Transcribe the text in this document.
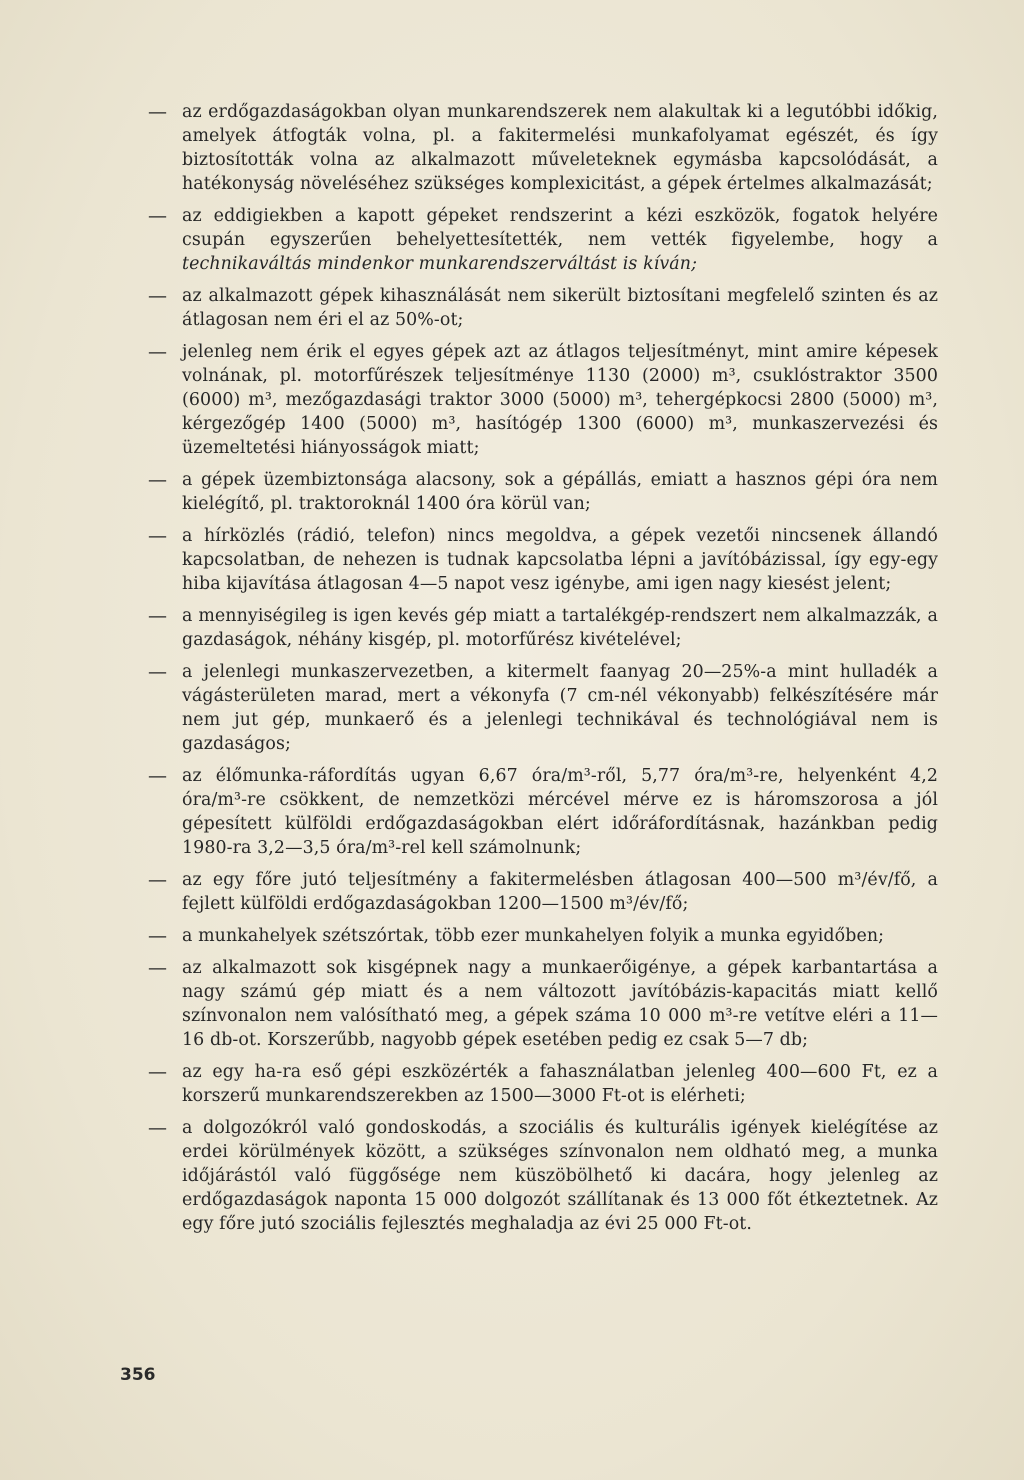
— az erdőgazdaságokban olyan munkarendszerek nem alakultak ki a legutóbbi időkig, amelyek átfogták volna, pl. a fakitermelési munkafolyamat egészét, és így biztosították volna az alkalmazott műveleteknek egymásba kapcsolódását, a hatékonyság növeléséhez szükséges komplexicitást, a gépek értelmes alkalmazását;
— az eddigiekben a kapott gépeket rendszerint a kézi eszközök, fogatok helyére csupán egyszerűen behelyettesítették, nem vették figyelembe, hogy a technikaváltás mindenkor munkarendszerváltást is kíván;
— az alkalmazott gépek kihasználását nem sikerült biztosítani megfelelő szinten és az átlagosan nem éri el az 50%-ot;
— jelenleg nem érik el egyes gépek azt az átlagos teljesítményt, mint amire képesek volnának, pl. motorfűrészek teljesítménye 1130 (2000) m³, csuklóstraktor 3500 (6000) m³, mezőgazdasági traktor 3000 (5000) m³, tehergépkocsi 2800 (5000) m³, kérgezőgép 1400 (5000) m³, hasítógép 1300 (6000) m³, munkaszervezési és üzemeltetési hiányosságok miatt;
— a gépek üzembiztonsága alacsony, sok a gépállás, emiatt a hasznos gépi óra nem kielégítő, pl. traktoroknál 1400 óra körül van;
— a hírközlés (rádió, telefon) nincs megoldva, a gépek vezetői nincsenek állandó kapcsolatban, de nehezen is tudnak kapcsolatba lépni a javítóbázissal, így egy-egy hiba kijavítása átlagosan 4—5 napot vesz igénybe, ami igen nagy kiesést jelent;
— a mennyiségileg is igen kevés gép miatt a tartalékgép-rendszert nem alkalmazzák, a gazdaságok, néhány kisgép, pl. motorfűrész kivételével;
— a jelenlegi munkaszervezetben, a kitermelt faanyag 20—25%-a mint hulladék a vágásterületen marad, mert a vékonyfa (7 cm-nél vékonyabb) felkészítésére már nem jut gép, munkaerő és a jelenlegi technikával és technológiával nem is gazdaságos;
— az élőmunka-ráfordítás ugyan 6,67 óra/m³-ről, 5,77 óra/m³-re, helyenként 4,2 óra/m³-re csökkent, de nemzetközi mércével mérve ez is háromszorosa a jól gépesített külföldi erdőgazdaságokban elért időráfordításnak, hazánkban pedig 1980-ra 3,2—3,5 óra/m³-rel kell számolnunk;
— az egy főre jutó teljesítmény a fakitermelésben átlagosan 400—500 m³/év/fő, a fejlett külföldi erdőgazdaságokban 1200—1500 m³/év/fő;
— a munkahelyek szétszórtak, több ezer munkahelyen folyik a munka egyidőben;
— az alkalmazott sok kisgépnek nagy a munkaerőigénye, a gépek karbantartása a nagy számú gép miatt és a nem változott javítóbázis-kapacitás miatt kellő színvonalon nem valósítható meg, a gépek száma 10 000 m³-re vetítve eléri a 11—16 db-ot. Korszerűbb, nagyobb gépek esetében pedig ez csak 5—7 db;
— az egy ha-ra eső gépi eszközérték a fahasználatban jelenleg 400—600 Ft, ez a korszerű munkarendszerekben az 1500—3000 Ft-ot is elérheti;
— a dolgozókról való gondoskodás, a szociális és kulturális igények kielégítése az erdei körülmények között, a szükséges színvonalon nem oldható meg, a munka időjárástól való függősége nem küszöbölhető ki dacára, hogy jelenleg az erdőgazdaságok naponta 15 000 dolgozót szállítanak és 13 000 főt étkeztetnek. Az egy főre jutó szociális fejlesztés meghaladja az évi 25 000 Ft-ot.
356
